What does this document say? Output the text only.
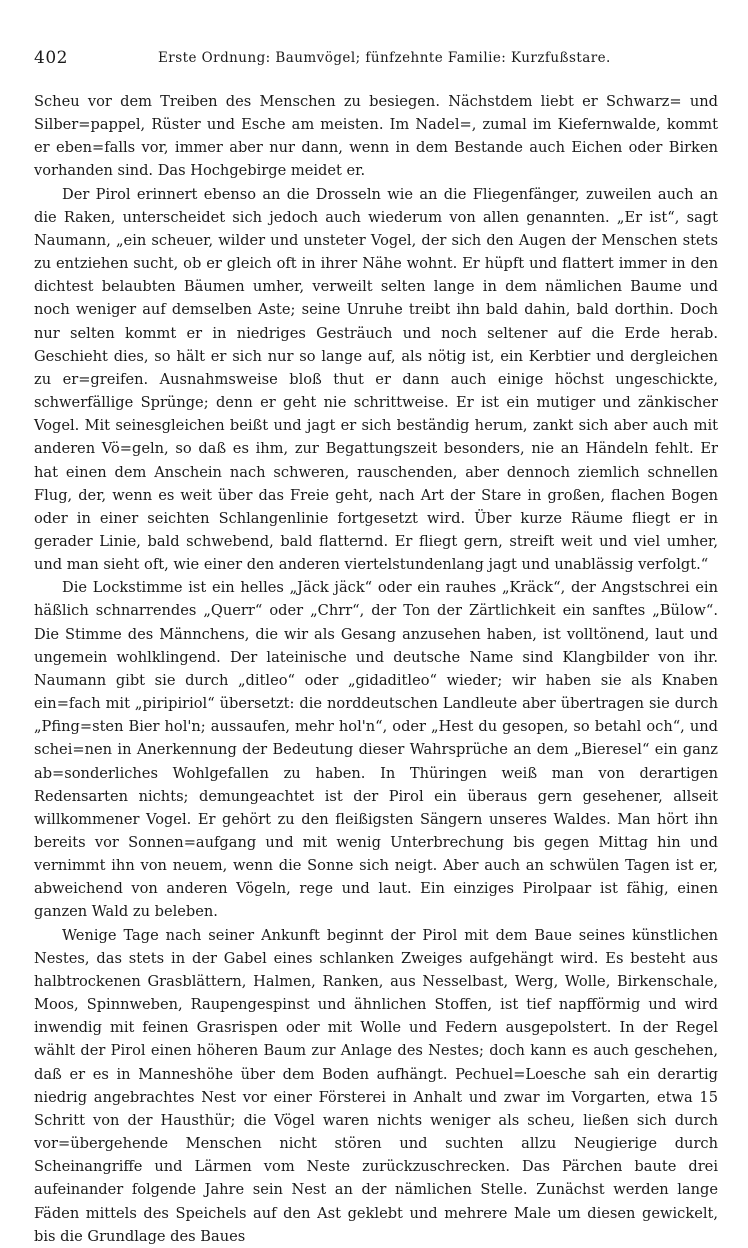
402	Erste Ordnung: Baumvögel; fünfzehnte Familie: Kurzfußstare.

Scheu vor dem Treiben des Menschen zu besiegen. Nächstdem liebt er Schwarz= und Silber=pappel, Rüster und Esche am meisten. Im Nadel=, zumal im Kiefernwalde, kommt er eben=falls vor, immer aber nur dann, wenn in dem Bestande auch Eichen oder Birken vorhanden sind. Das Hochgebirge meidet er.

Der Pirol erinnert ebenso an die Drosseln wie an die Fliegenfänger, zuweilen auch an die Raken, unterscheidet sich jedoch auch wiederum von allen genannten. „Er ist“, sagt Naumann, „ein scheuer, wilder und unsteter Vogel, der sich den Augen der Menschen stets zu entziehen sucht, ob er gleich oft in ihrer Nähe wohnt. Er hüpft und flattert immer in den dichtest belaubten Bäumen umher, verweilt selten lange in dem nämlichen Baume und noch weniger auf demselben Aste; seine Unruhe treibt ihn bald dahin, bald dorthin. Doch nur selten kommt er in niedriges Gesträuch und noch seltener auf die Erde herab. Geschieht dies, so hält er sich nur so lange auf, als nötig ist, ein Kerbtier und dergleichen zu er=greifen. Ausnahmsweise bloß thut er dann auch einige höchst ungeschickte, schwerfällige Sprünge; denn er geht nie schrittweise. Er ist ein mutiger und zänkischer Vogel. Mit seinesgleichen beißt und jagt er sich beständig herum, zankt sich aber auch mit anderen Vö=geln, so daß es ihm, zur Begattungszeit besonders, nie an Händeln fehlt. Er hat einen dem Anschein nach schweren, rauschenden, aber dennoch ziemlich schnellen Flug, der, wenn es weit über das Freie geht, nach Art der Stare in großen, flachen Bogen oder in einer seichten Schlangenlinie fortgesetzt wird. Über kurze Räume fliegt er in gerader Linie, bald schwebend, bald flatternd. Er fliegt gern, streift weit und viel umher, und man sieht oft, wie einer den anderen viertelstundenlang jagt und unablässig verfolgt.“

Die Lockstimme ist ein helles „Jäck jäck“ oder ein rauhes „Kräck“, der Angstschrei ein häßlich schnarrendes „Querr“ oder „Chrr“, der Ton der Zärtlichkeit ein sanftes „Bülow“. Die Stimme des Männchens, die wir als Gesang anzusehen haben, ist volltönend, laut und ungemein wohlklingend. Der lateinische und deutsche Name sind Klangbilder von ihr. Naumann gibt sie durch „ditleo“ oder „gidaditleo“ wieder; wir haben sie als Knaben ein=fach mit „piripiriol“ übersetzt: die norddeutschen Landleute aber übertragen sie durch „Pfing=sten Bier hol'n; aussaufen, mehr hol'n“, oder „Hest du gesopen, so betahl och“, und schei=nen in Anerkennung der Bedeutung dieser Wahrsprüche an dem „Bieresel“ ein ganz ab=sonderliches Wohlgefallen zu haben. In Thüringen weiß man von derartigen Redensarten nichts; demungeachtet ist der Pirol ein überaus gern gesehener, allseit willkommener Vogel. Er gehört zu den fleißigsten Sängern unseres Waldes. Man hört ihn bereits vor Sonnen=aufgang und mit wenig Unterbrechung bis gegen Mittag hin und vernimmt ihn von neuem, wenn die Sonne sich neigt. Aber auch an schwülen Tagen ist er, abweichend von anderen Vögeln, rege und laut. Ein einziges Pirolpaar ist fähig, einen ganzen Wald zu beleben.

Wenige Tage nach seiner Ankunft beginnt der Pirol mit dem Baue seines künstlichen Nestes, das stets in der Gabel eines schlanken Zweiges aufgehängt wird. Es besteht aus halbtrockenen Grasblättern, Halmen, Ranken, aus Nesselbast, Werg, Wolle, Birkenschale, Moos, Spinnweben, Raupengespinst und ähnlichen Stoffen, ist tief napfförmig und wird inwendig mit feinen Grasrispen oder mit Wolle und Federn ausgepolstert. In der Regel wählt der Pirol einen höheren Baum zur Anlage des Nestes; doch kann es auch geschehen, daß er es in Manneshöhe über dem Boden aufhängt. Pechuel=Loesche sah ein derartig niedrig angebrachtes Nest vor einer Försterei in Anhalt und zwar im Vorgarten, etwa 15 Schritt von der Hausthür; die Vögel waren nichts weniger als scheu, ließen sich durch vor=übergehende Menschen nicht stören und suchten allzu Neugierige durch Scheinangriffe und Lärmen vom Neste zurückzuschrecken. Das Pärchen baute drei aufeinander folgende Jahre sein Nest an der nämlichen Stelle. Zunächst werden lange Fäden mittels des Speichels auf den Ast geklebt und mehrere Male um diesen gewickelt, bis die Grundlage des Baues
